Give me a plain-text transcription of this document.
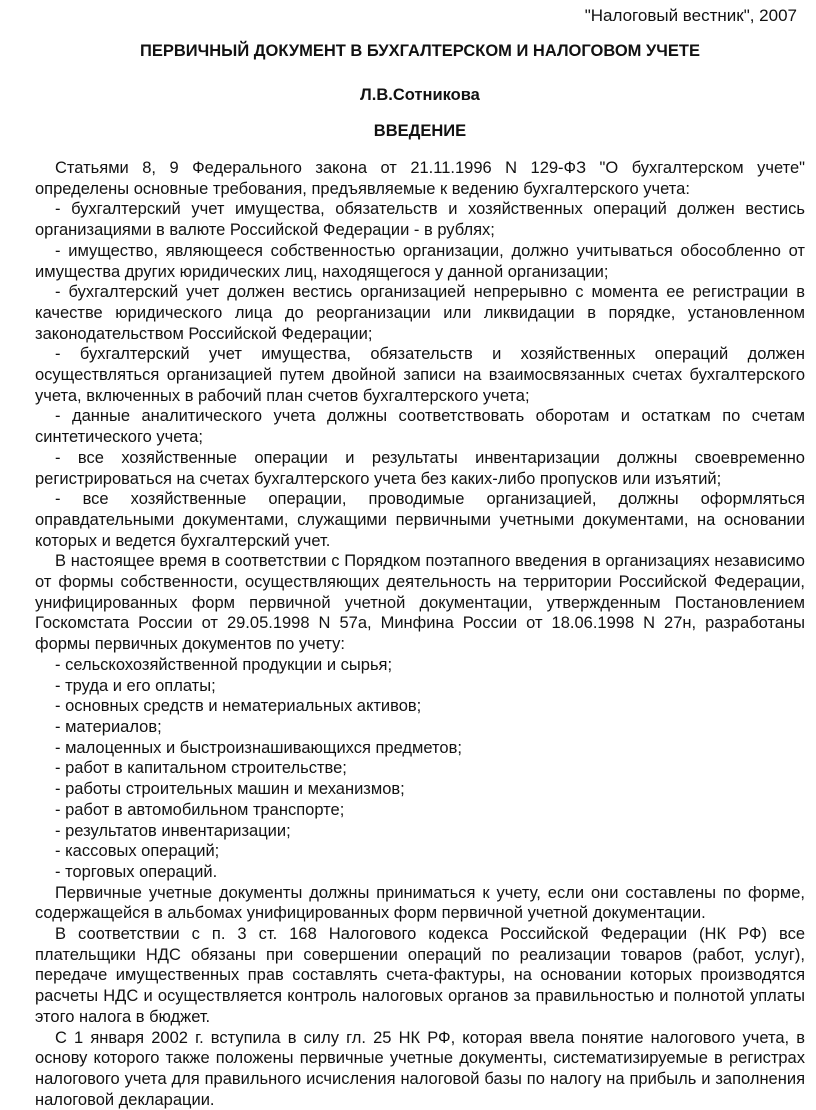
"Налоговый вестник", 2007
ПЕРВИЧНЫЙ ДОКУМЕНТ В БУХГАЛТЕРСКОМ И НАЛОГОВОМ УЧЕТЕ
Л.В.Сотникова
ВВЕДЕНИЕ

Статьями 8, 9 Федерального закона от 21.11.1996 N 129-ФЗ "О бухгалтерском учете" определены основные требования, предъявляемые к ведению бухгалтерского учета:

- бухгалтерский учет имущества, обязательств и хозяйственных операций должен вестись организациями в валюте Российской Федерации - в рублях;

- имущество, являющееся собственностью организации, должно учитываться обособленно от имущества других юридических лиц, находящегося у данной организации;

- бухгалтерский учет должен вестись организацией непрерывно с момента ее регистрации в качестве юридического лица до реорганизации или ликвидации в порядке, установленном законодательством Российской Федерации;

- бухгалтерский учет имущества, обязательств и хозяйственных операций должен осуществляться организацией путем двойной записи на взаимосвязанных счетах бухгалтерского учета, включенных в рабочий план счетов бухгалтерского учета;

- данные аналитического учета должны соответствовать оборотам и остаткам по счетам синтетического учета;

- все хозяйственные операции и результаты инвентаризации должны своевременно регистрироваться на счетах бухгалтерского учета без каких-либо пропусков или изъятий;

- все хозяйственные операции, проводимые организацией, должны оформляться оправдательными документами, служащими первичными учетными документами, на основании которых и ведется бухгалтерский учет.

В настоящее время в соответствии с Порядком поэтапного введения в организациях независимо от формы собственности, осуществляющих деятельность на территории Российской Федерации, унифицированных форм первичной учетной документации, утвержденным Постановлением Госкомстата России от 29.05.1998 N 57а, Минфина России от 18.06.1998 N 27н, разработаны формы первичных документов по учету:

- сельскохозяйственной продукции и сырья;

- труда и его оплаты;

- основных средств и нематериальных активов;

- материалов;

- малоценных и быстроизнашивающихся предметов;

- работ в капитальном строительстве;

- работы строительных машин и механизмов;

- работ в автомобильном транспорте;

- результатов инвентаризации;

- кассовых операций;

- торговых операций.

Первичные учетные документы должны приниматься к учету, если они составлены по форме, содержащейся в альбомах унифицированных форм первичной учетной документации.

В соответствии с п. 3 ст. 168 Налогового кодекса Российской Федерации (НК РФ) все плательщики НДС обязаны при совершении операций по реализации товаров (работ, услуг), передаче имущественных прав составлять счета-фактуры, на основании которых производятся расчеты НДС и осуществляется контроль налоговых органов за правильностью и полнотой уплаты этого налога в бюджет.

С 1 января 2002 г. вступила в силу гл. 25 НК РФ, которая ввела понятие налогового учета, в основу которого также положены первичные учетные документы, систематизируемые в регистрах налогового учета для правильного исчисления налоговой базы по налогу на прибыль и заполнения налоговой декларации.
